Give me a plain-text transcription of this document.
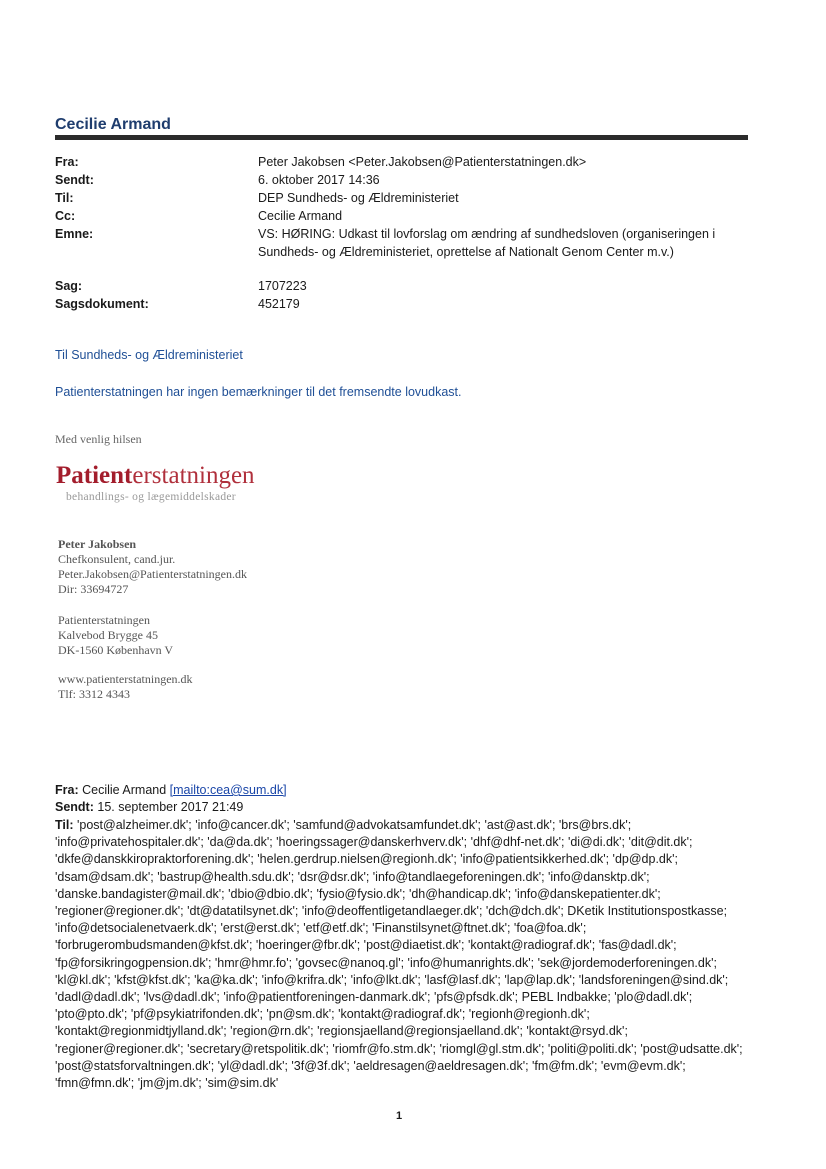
Cecilie Armand
Fra:	Peter Jakobsen <Peter.Jakobsen@Patienterstatningen.dk>
Sendt:	6. oktober 2017 14:36
Til:	DEP Sundheds- og Ældreministeriet
Cc:	Cecilie Armand
Emne:	VS: HØRING: Udkast til lovforslag om ændring af sundhedsloven (organiseringen i Sundheds- og Ældreministeriet, oprettelse af Nationalt Genom Center m.v.)
Sag:	1707223
Sagsdokument:	452179
Til Sundheds- og Ældreministeriet
Patienterstatningen har ingen bemærkninger til det fremsendte lovudkast.
Med venlig hilsen
Patienterstatningen
behandlings- og lægemiddelskader
Peter Jakobsen
Chefkonsulent, cand.jur.
Peter.Jakobsen@Patienterstatningen.dk
Dir: 33694727
Patienterstatningen
Kalvebod Brygge 45
DK-1560 København V
www.patienterstatningen.dk
Tlf: 3312 4343
Fra: Cecilie Armand [mailto:cea@sum.dk]
Sendt: 15. september 2017 21:49
Til: 'post@alzheimer.dk'; 'info@cancer.dk'; 'samfund@advokatsamfundet.dk'; 'ast@ast.dk'; 'brs@brs.dk'; 'info@privatehospitaler.dk'; 'da@da.dk'; 'hoeringssager@danskerhverv.dk'; 'dhf@dhf-net.dk'; 'di@di.dk'; 'dit@dit.dk'; 'dkfe@danskkiropraktorforening.dk'; 'helen.gerdrup.nielsen@regionh.dk'; 'info@patientsikkerhed.dk'; 'dp@dp.dk'; 'dsam@dsam.dk'; 'bastrup@health.sdu.dk'; 'dsr@dsr.dk'; 'info@tandlaegeforeningen.dk'; 'info@dansktp.dk'; 'danske.bandagister@mail.dk'; 'dbio@dbio.dk'; 'fysio@fysio.dk'; 'dh@handicap.dk'; 'info@danskepatienter.dk'; 'regioner@regioner.dk'; 'dt@datatilsynet.dk'; 'info@deoffentligetandlaeger.dk'; 'dch@dch.dk'; DKetik Institutionspostkasse; 'info@detsocialenetvaerk.dk'; 'erst@erst.dk'; 'etf@etf.dk'; 'Finanstilsynet@ftnet.dk'; 'foa@foa.dk'; 'forbrugerombudsmanden@kfst.dk'; 'hoeringer@fbr.dk'; 'post@diaetist.dk'; 'kontakt@radiograf.dk'; 'fas@dadl.dk'; 'fp@forsikringogpension.dk'; 'hmr@hmr.fo'; 'govsec@nanoq.gl'; 'info@humanrights.dk'; 'sek@jordemoderforeningen.dk'; 'kl@kl.dk'; 'kfst@kfst.dk'; 'ka@ka.dk'; 'info@krifra.dk'; 'info@lkt.dk'; 'lasf@lasf.dk'; 'lap@lap.dk'; 'landsforeningen@sind.dk'; 'dadl@dadl.dk'; 'lvs@dadl.dk'; 'info@patientforeningen-danmark.dk'; 'pfs@pfsdk.dk'; PEBL Indbakke; 'plo@dadl.dk'; 'pto@pto.dk'; 'pf@psykiatrifonden.dk'; 'pn@sm.dk'; 'kontakt@radiograf.dk'; 'regionh@regionh.dk'; 'kontakt@regionmidtjylland.dk'; 'region@rn.dk'; 'regionsjaelland@regionsjaelland.dk'; 'kontakt@rsyd.dk'; 'regioner@regioner.dk'; 'secretary@retspolitik.dk'; 'riomfr@fo.stm.dk'; 'riomgl@gl.stm.dk'; 'politi@politi.dk'; 'post@udsatte.dk'; 'post@statsforvaltningen.dk'; 'yl@dadl.dk'; '3f@3f.dk'; 'aeldresagen@aeldresagen.dk'; 'fm@fm.dk'; 'evm@evm.dk'; 'fmn@fmn.dk'; 'jm@jm.dk'; 'sim@sim.dk'
1
